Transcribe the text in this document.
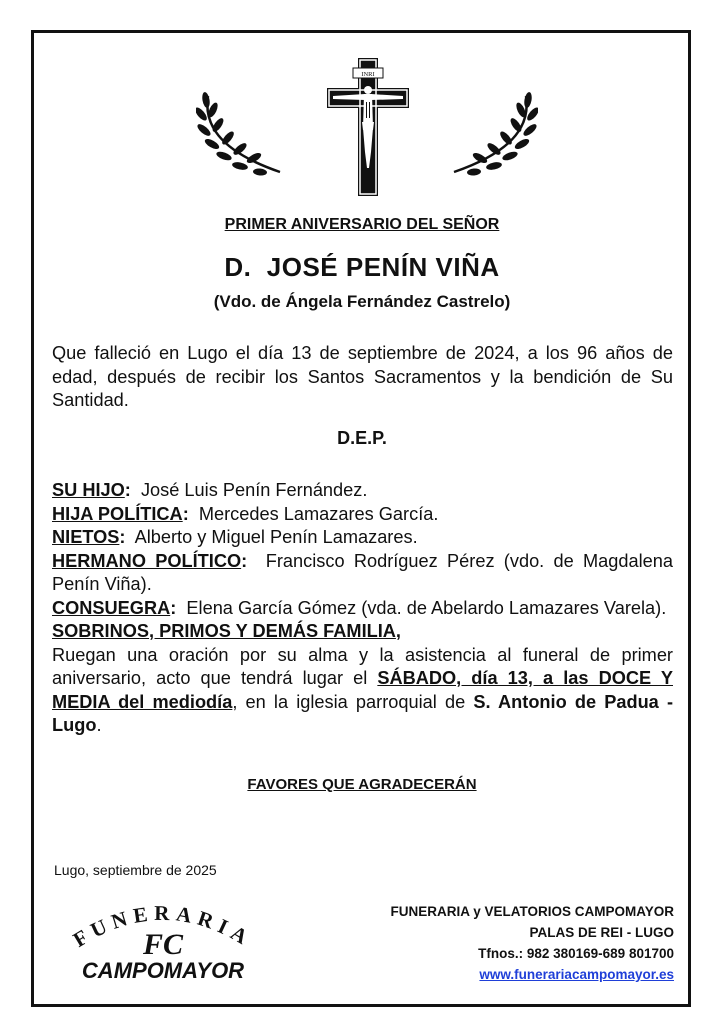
INRI
PRIMER ANIVERSARIO DEL SEÑOR
D.  JOSÉ PENÍN VIÑA
(Vdo. de Ángela Fernández Castrelo)
Que falleció en Lugo el día 13 de septiembre de 2024, a los 96 años de edad, después de recibir los Santos Sacramentos y la bendición de Su Santidad.
D.E.P.

SU HIJO: José Luis Penín Fernández.

HIJA POLÍTICA: Mercedes Lamazares García.

NIETOS: Alberto y Miguel Penín Lamazares.

HERMANO POLÍTICO: Francisco Rodríguez Pérez (vdo. de Magdalena Penín Viña).

CONSUEGRA: Elena García Gómez (vda. de Abelardo Lamazares Varela).

SOBRINOS, PRIMOS Y DEMÁS FAMILIA,

Ruegan una oración por su alma y la asistencia al funeral de primer aniversario, acto que tendrá lugar el SÁBADO, día 13, a las DOCE Y MEDIA del mediodía, en la iglesia parroquial de S. Antonio de Padua - Lugo.

FAVORES QUE AGRADECERÁN
Lugo, septiembre de 2025
FUNERARIA
FC
CAMPOMAYOR
FUNERARIA y VELATORIOS CAMPOMAYOR
PALAS DE REI - LUGO
Tfnos.: 982 380169-689 801700
www.funerariacampomayor.es
